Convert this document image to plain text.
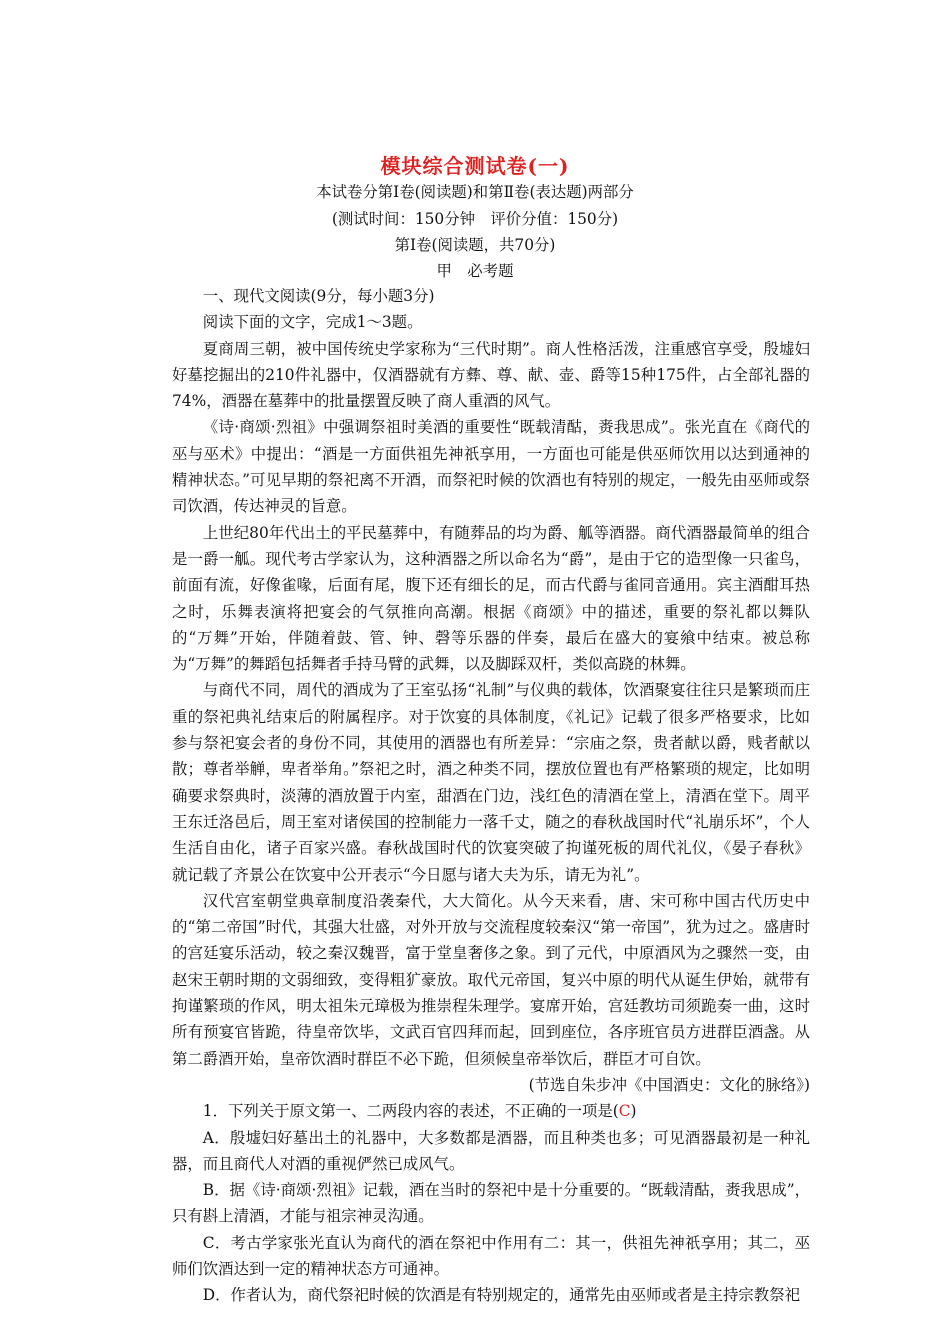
模块综合测试卷(一)
本试卷分第Ⅰ卷(阅读题)和第Ⅱ卷(表达题)两部分
(测试时间：150分钟　评价分值：150分)
第Ⅰ卷(阅读题，共70分)
甲　必考题

一、现代文阅读(9分，每小题3分)

阅读下面的文字，完成1～3题。

夏商周三朝，被中国传统史学家称为“三代时期”。商人性格活泼，注重感官享受，殷墟妇好墓挖掘出的210件礼器中，仅酒器就有方彝、尊、献、壶、爵等15种175件，占全部礼器的74%，酒器在墓葬中的批量摆置反映了商人重酒的风气。

《诗·商颂·烈祖》中强调祭祖时美酒的重要性“既载清酤，赉我思成”。张光直在《商代的巫与巫术》中提出：“酒是一方面供祖先神祇享用，一方面也可能是供巫师饮用以达到通神的精神状态。”可见早期的祭祀离不开酒，而祭祀时候的饮酒也有特别的规定，一般先由巫师或祭司饮酒，传达神灵的旨意。

上世纪80年代出土的平民墓葬中，有随葬品的均为爵、觚等酒器。商代酒器最简单的组合是一爵一觚。现代考古学家认为，这种酒器之所以命名为“爵”，是由于它的造型像一只雀鸟，前面有流，好像雀喙，后面有尾，腹下还有细长的足，而古代爵与雀同音通用。宾主酒酣耳热之时，乐舞表演将把宴会的气氛推向高潮。根据《商颂》中的描述，重要的祭礼都以舞队的“万舞”开始，伴随着鼓、管、钟、磬等乐器的伴奏，最后在盛大的宴飨中结束。被总称为“万舞”的舞蹈包括舞者手持马臂的武舞，以及脚踩双杆，类似高跷的林舞。

与商代不同，周代的酒成为了王室弘扬“礼制”与仪典的载体，饮酒聚宴往往只是繁琐而庄重的祭祀典礼结束后的附属程序。对于饮宴的具体制度，《礼记》记载了很多严格要求，比如参与祭祀宴会者的身份不同，其使用的酒器也有所差异：“宗庙之祭，贵者献以爵，贱者献以散；尊者举觯，卑者举角。”祭祀之时，酒之种类不同，摆放位置也有严格繁琐的规定，比如明确要求祭典时，淡薄的酒放置于内室，甜酒在门边，浅红色的清酒在堂上，清酒在堂下。周平王东迁洛邑后，周王室对诸侯国的控制能力一落千丈，随之的春秋战国时代“礼崩乐坏”，个人生活自由化，诸子百家兴盛。春秋战国时代的饮宴突破了拘谨死板的周代礼仪，《晏子春秋》就记载了齐景公在饮宴中公开表示“今日愿与诸大夫为乐，请无为礼”。

汉代宫室朝堂典章制度沿袭秦代，大大简化。从今天来看，唐、宋可称中国古代历史中的“第二帝国”时代，其强大壮盛，对外开放与交流程度较秦汉“第一帝国”，犹为过之。盛唐时的宫廷宴乐活动，较之秦汉魏晋，富于堂皇奢侈之象。到了元代，中原酒风为之骤然一变，由赵宋王朝时期的文弱细致，变得粗犷豪放。取代元帝国，复兴中原的明代从诞生伊始，就带有拘谨繁琐的作风，明太祖朱元璋极为推崇程朱理学。宴席开始，宫廷教坊司须跪奏一曲，这时所有预宴官皆跪，待皇帝饮毕，文武百官四拜而起，回到座位，各序班官员方进群臣酒盏。从第二爵酒开始，皇帝饮酒时群臣不必下跪，但须候皇帝举饮后，群臣才可自饮。

(节选自朱步冲《中国酒史：文化的脉络》)

1．下列关于原文第一、二两段内容的表述，不正确的一项是(C)

A．殷墟妇好墓出土的礼器中，大多数都是酒器，而且种类也多；可见酒器最初是一种礼器，而且商代人对酒的重视俨然已成风气。

B．据《诗·商颂·烈祖》记载，酒在当时的祭祀中是十分重要的。“既载清酤，赉我思成”，只有斟上清酒，才能与祖宗神灵沟通。

C．考古学家张光直认为商代的酒在祭祀中作用有二：其一，供祖先神祇享用；其二，巫师们饮酒达到一定的精神状态方可通神。

D．作者认为，商代祭祀时候的饮酒是有特别规定的，通常先由巫师或者是主持宗教祭祀
